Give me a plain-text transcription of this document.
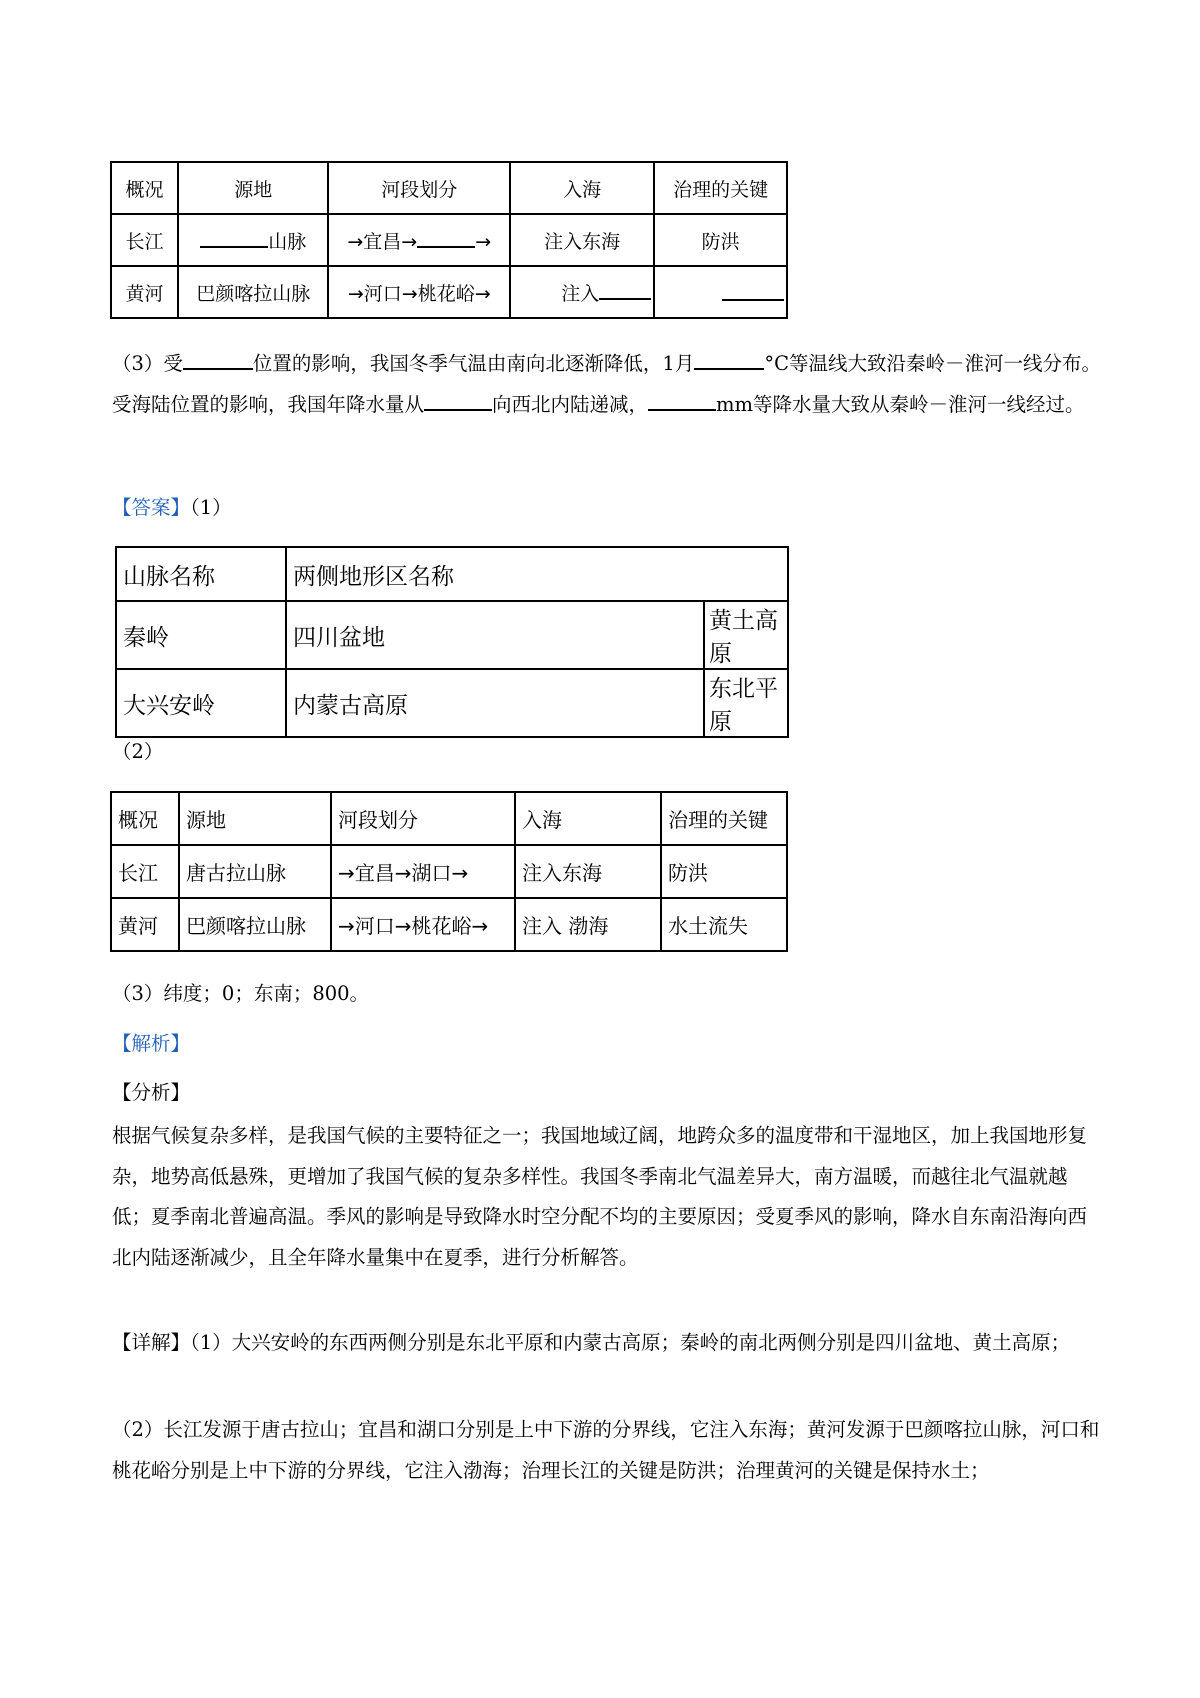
概况	源地	河段划分	入海	治理的关键
长江	山脉	→宜昌→ →	注入东海	防洪
黄河	巴颜喀拉山脉	→河口→桃花峪→	注入	

（3）受	位置的影响，我国冬季气温由南向北逐渐降低，1月	°C等温线大致沿秦岭－淮河一线分布。受海陆位置的影响，我国年降水量从	向西北内陆递减，	mm等降水量大致从秦岭－淮河一线经过。

【答案】（1）

山脉名称	两侧地形区名称	
秦岭	四川盆地	黄土高原
大兴安岭	内蒙古高原	东北平原

（2）

概况	源地	河段划分	入海	治理的关键
长江	唐古拉山脉	→宜昌→湖口→	注入东海	防洪
黄河	巴颜喀拉山脉	→河口→桃花峪→	注入 渤海	水土流失

（3）纬度；0；东南；800。

【解析】

【分析】

根据气候复杂多样，是我国气候的主要特征之一；我国地域辽阔，地跨众多的温度带和干湿地区，加上我国地形复杂，地势高低悬殊，更增加了我国气候的复杂多样性。我国冬季南北气温差异大，南方温暖，而越往北气温就越低；夏季南北普遍高温。季风的影响是导致降水时空分配不均的主要原因；受夏季风的影响，降水自东南沿海向西北内陆逐渐减少，且全年降水量集中在夏季，进行分析解答。

【详解】（1）大兴安岭的东西两侧分别是东北平原和内蒙古高原；秦岭的南北两侧分别是四川盆地、黄土高原；

（2）长江发源于唐古拉山；宜昌和湖口分别是上中下游的分界线，它注入东海；黄河发源于巴颜喀拉山脉，河口和桃花峪分别是上中下游的分界线，它注入渤海；治理长江的关键是防洪；治理黄河的关键是保持水土；
